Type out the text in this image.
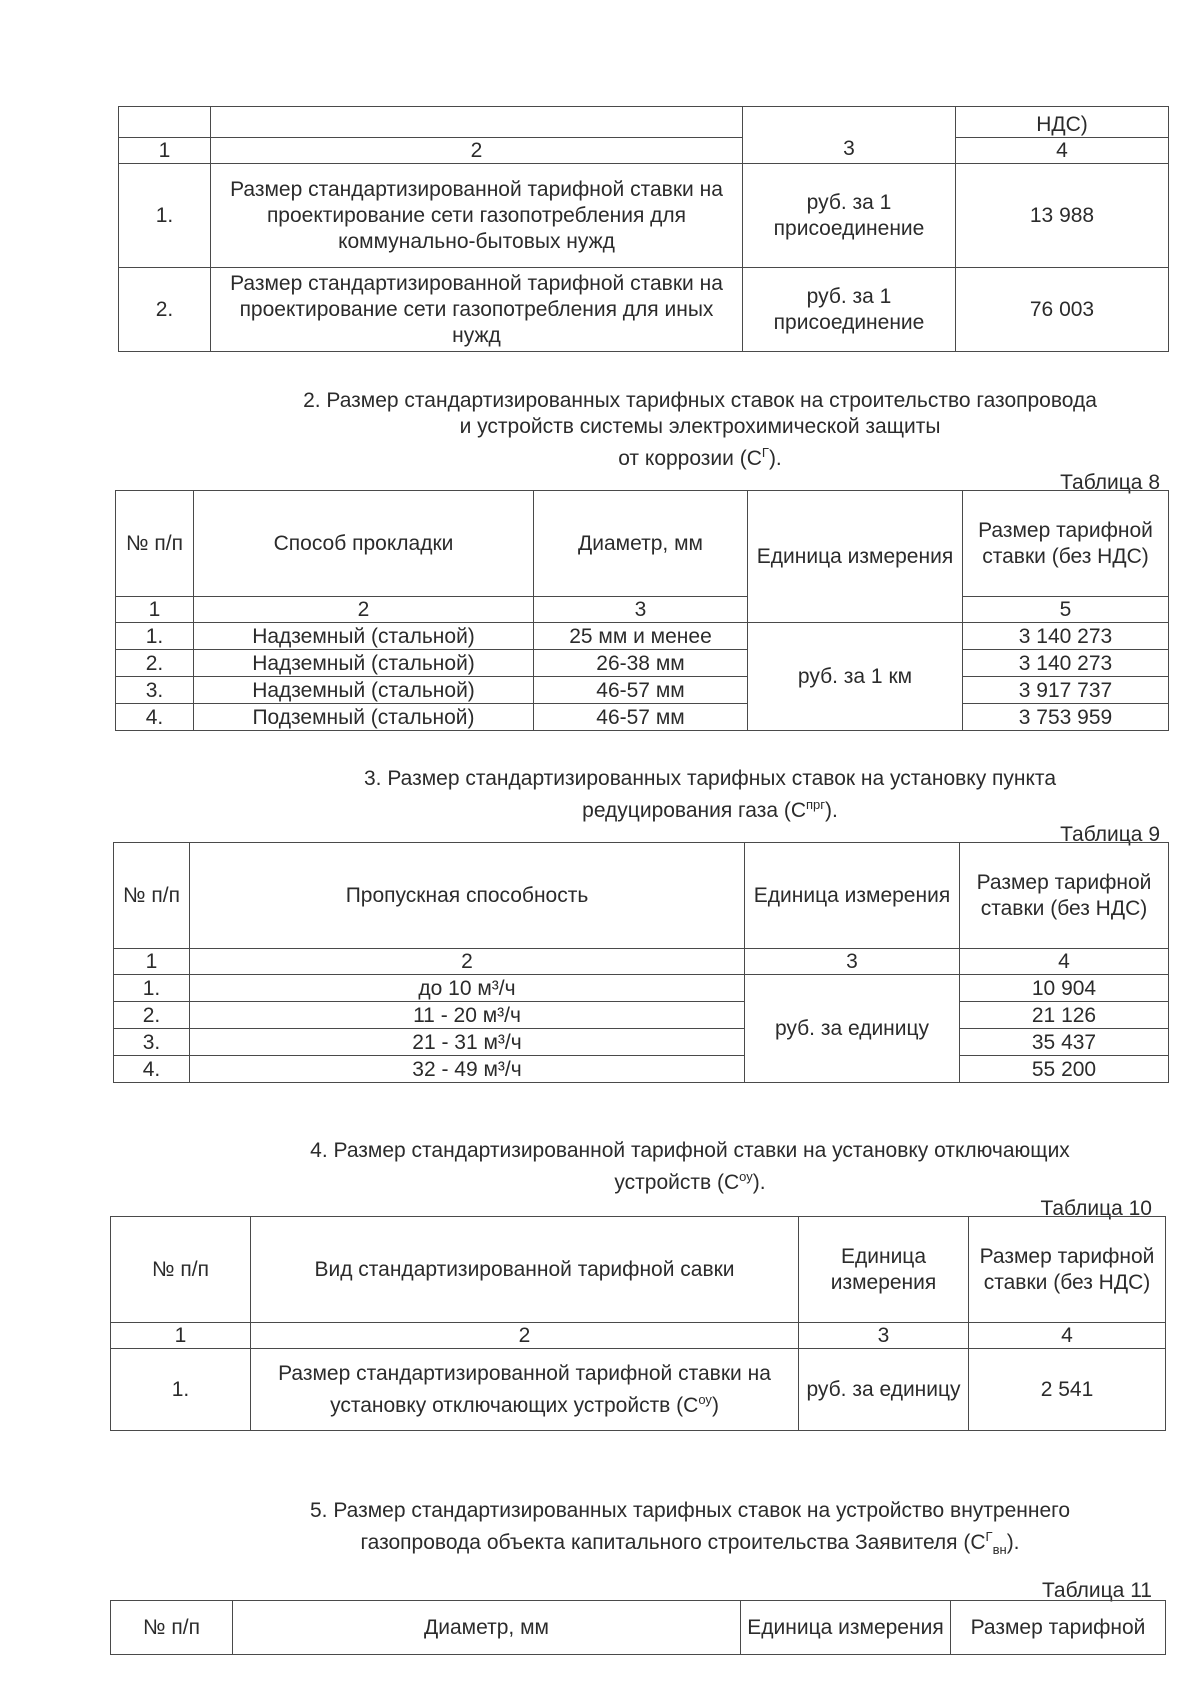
		3	НДС)
1	2		4
1.	Размер стандартизированной тарифной ставки на проектирование сети газопотребления для коммунально-бытовых нужд	руб. за 1 присоединение	13 988
2.	Размер стандартизированной тарифной ставки на проектирование сети газопотребления для иных нужд	руб. за 1 присоединение	76 003
2. Размер стандартизированных тарифных ставок на строительство газопровода и устройств системы электрохимической защиты
от коррозии $(С^Г)$.
Таблица 8
№ п/п	Способ прокладки	Диаметр, мм	Единица измерения	Размер тарифной ставки (без НДС)
1	2	3		5
1.	Надземный (стальной)	25 мм и менее	руб. за 1 км	3 140 273
2.	Надземный (стальной)	26-38 мм		3 140 273
3.	Надземный (стальной)	46-57 мм		3 917 737
4.	Подземный (стальной)	46-57 мм		3 753 959
3. Размер стандартизированных тарифных ставок на установку пункта
редуцирования газа $(С^{прг})$.
Таблица 9
№ п/п	Пропускная способность	Единица измерения	Размер тарифной ставки (без НДС)
1	2	3	4
1.	до 10 м³/ч	руб. за единицу	10 904
2.	11 - 20 м³/ч		21 126
3.	21 - 31 м³/ч		35 437
4.	32 - 49 м³/ч		55 200
4. Размер стандартизированной тарифной ставки на установку отключающих
устройств $(С^{оу})$.
Таблица 10
№ п/п	Вид стандартизированной тарифной савки	Единица измерения	Размер тарифной ставки (без НДС)
1	2	3	4
1.	Размер стандартизированной тарифной ставки на установку отключающих устройств $(С^{оу})$	руб. за единицу	2 541
5. Размер стандартизированных тарифных ставок на устройство внутреннего
газопровода объекта капитального строительства Заявителя $(С^Г_{вн})$.
Таблица 11
№ п/п	Диаметр, мм	Единица измерения	Размер тарифной
